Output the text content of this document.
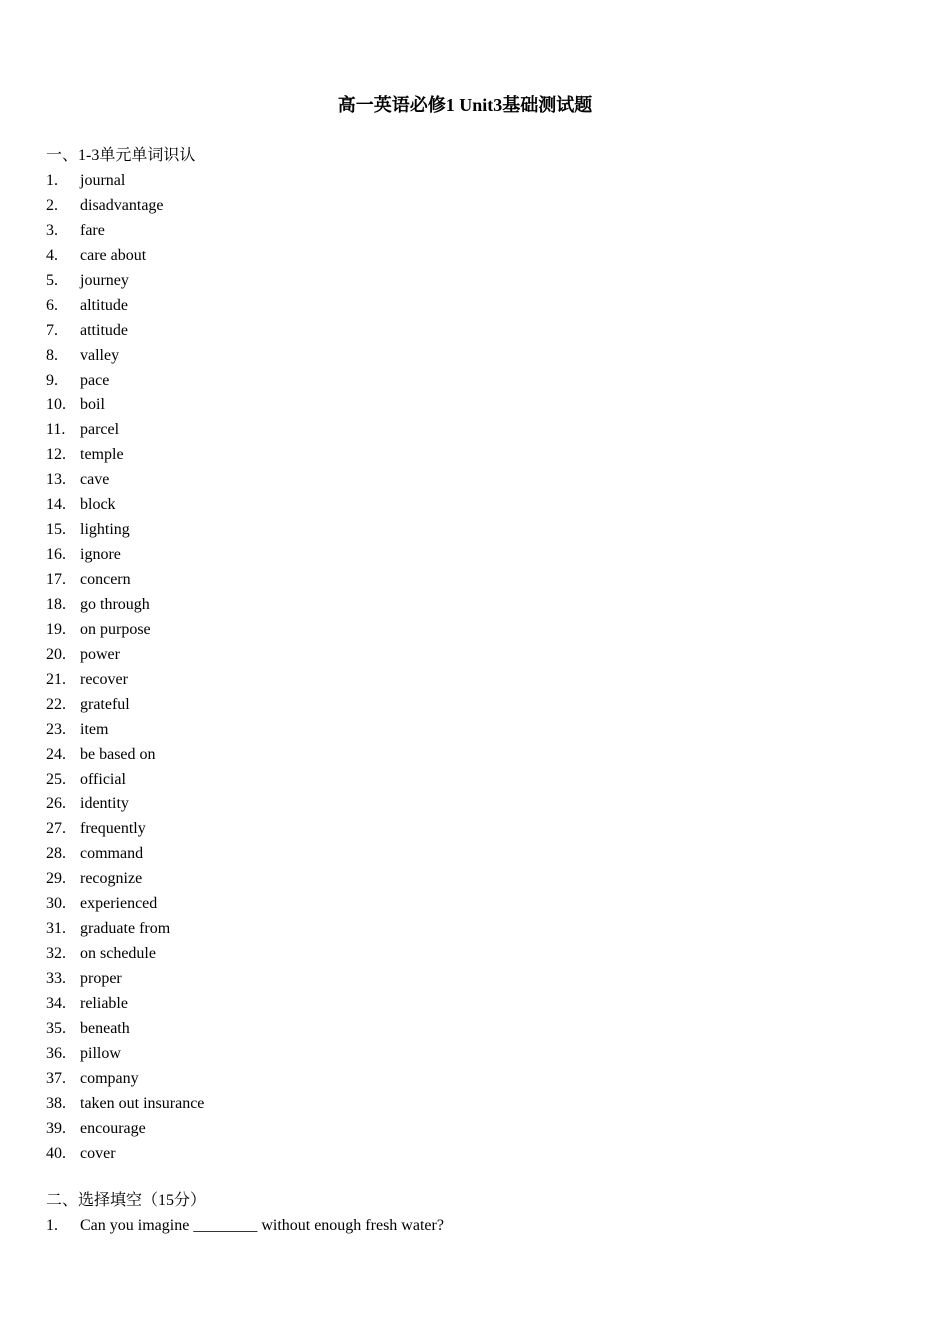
高一英语必修1 Unit3基础测试题
一、1-3单元单词识认
1. journal
2. disadvantage
3. fare
4. care about
5. journey
6. altitude
7. attitude
8. valley
9. pace
10. boil
11. parcel
12. temple
13. cave
14. block
15. lighting
16. ignore
17. concern
18. go through
19. on purpose
20. power
21. recover
22. grateful
23. item
24. be based on
25. official
26. identity
27. frequently
28. command
29. recognize
30. experienced
31. graduate from
32. on schedule
33. proper
34. reliable
35. beneath
36. pillow
37. company
38. taken out insurance
39. encourage
40. cover
二、选择填空（15分）
1. Can you imagine ________ without enough fresh water?
